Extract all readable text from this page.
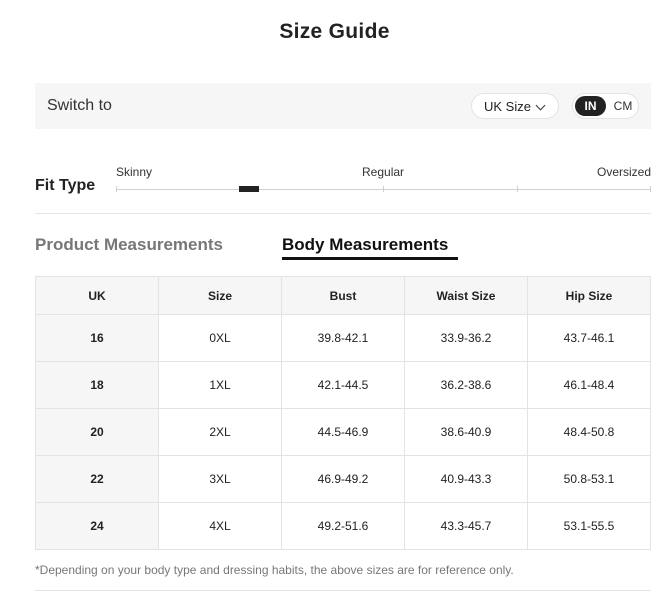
Size Guide
Switch to	UK Size	IN	CM
Fit Type
Skinny	Regular	Oversized
Product Measurements	Body Measurements
UK	Size	Bust	Waist Size	Hip Size
16	0XL	39.8-42.1	33.9-36.2	43.7-46.1
18	1XL	42.1-44.5	36.2-38.6	46.1-48.4
20	2XL	44.5-46.9	38.6-40.9	48.4-50.8
22	3XL	46.9-49.2	40.9-43.3	50.8-53.1
24	4XL	49.2-51.6	43.3-45.7	53.1-55.5
*Depending on your body type and dressing habits, the above sizes are for reference only.
